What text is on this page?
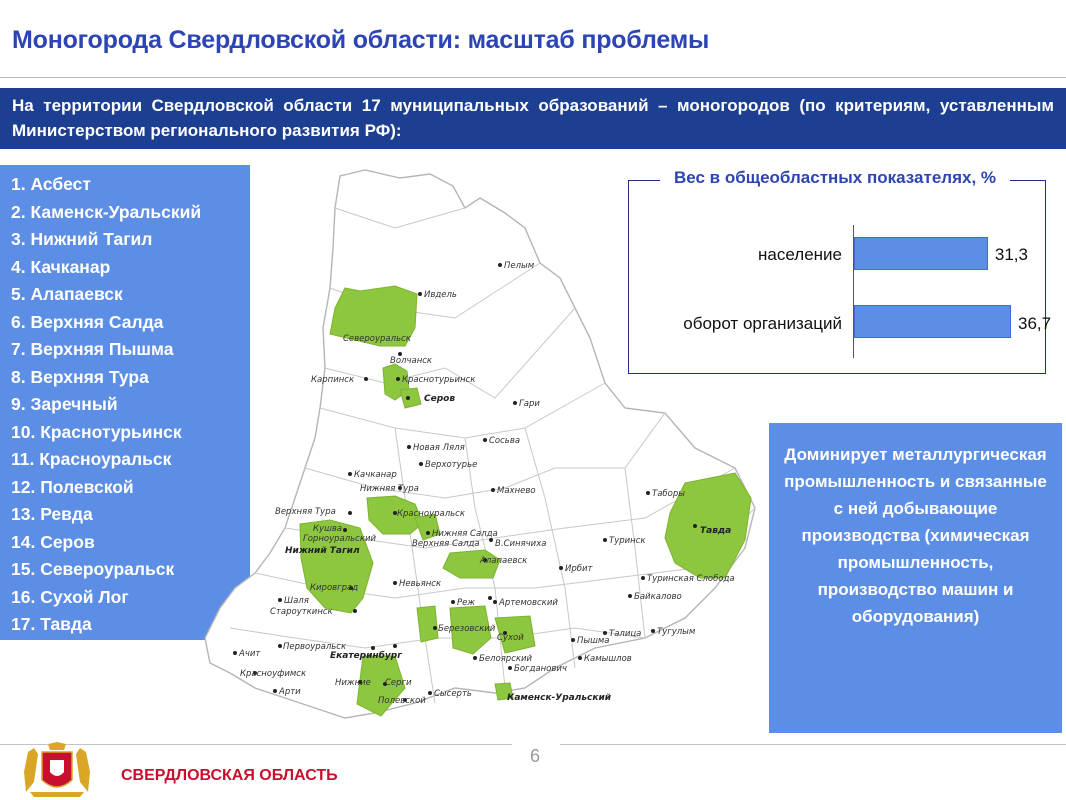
Моногорода Свердловской области: масштаб проблемы
На территории Свердловской области 17 муниципальных образований – моногородов (по критериям, уставленным Министерством регионального развития РФ):
1. Асбест
2. Каменск-Уральский
3. Нижний Тагил
4. Качканар
5. Алапаевск
6. Верхняя Салда
7. Верхняя Пышма
8. Верхняя Тура
9. Заречный
10. Краснотурьинск
11. Красноуральск
12. Полевской
13. Ревда
14. Серов
15. Североуральск
16. Сухой Лог
17. Тавда
Пелым
Ивдель
Североуральск
Волчанск
Карпинск	Краснотурьинск
Серов	Гари
Новая Ляля
Сосьва
Качканар
Верхотурье
Нижняя Тура	Махнево	Таборы
Верхняя Тура	Красноуральск
Кушва
Горноуральский
Нижний Тагил
Нижняя Салда
Верхняя Салда В.Синячиха	Туринск
Тавда
Алапаевск
Ирбит
Кировград	Невьянск	Туринская Слобода
Шаля	Реж	Артемовский
Байкалово
Староуткинск
Березовский
Сухой	Пышма
Талица Тугулым
Первоуральск
Екатеринбург	Белоярский	Камышлов
Ачит
Богданович
Красноуфимск
Нижние Серги
Арти
Полевской
Сысерть	Каменск-Уральский
Вес в общеобластных показателях, %
население	31,3
оборот организаций	36,7
Доминирует металлургическая промышленность и связанные с ней добывающие производства (химическая промышленность, производство машин и оборудования)
6
СВЕРДЛОВСКАЯ ОБЛАСТЬ
